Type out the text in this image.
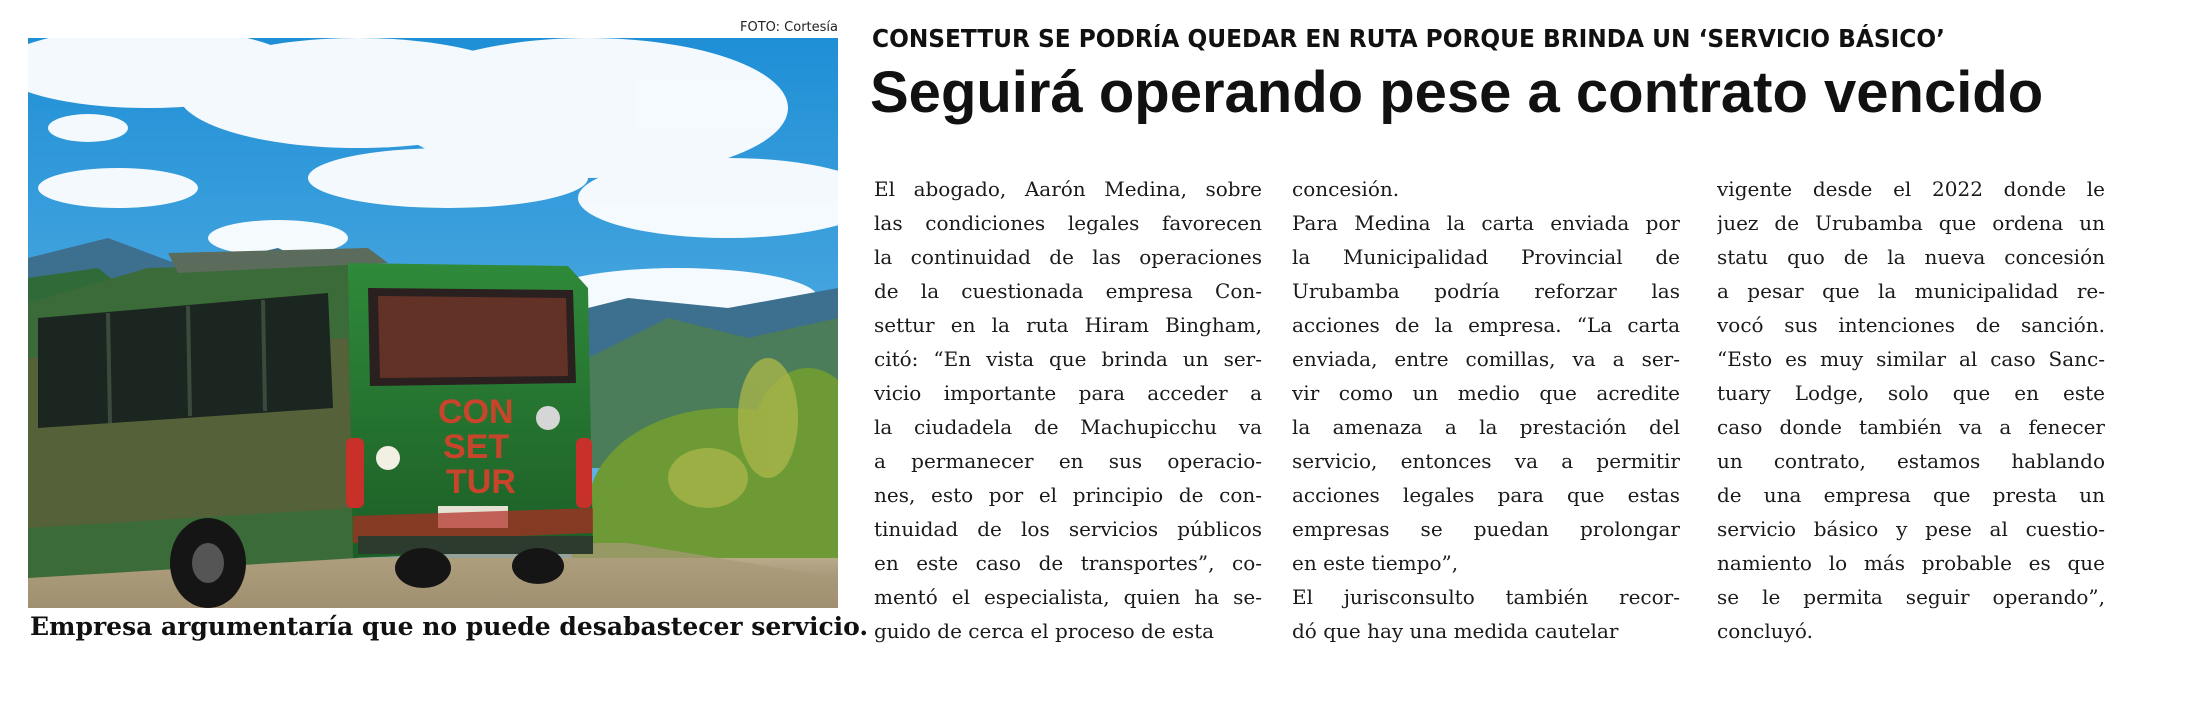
FOTO: Cortesía
CON
SET
TUR
Empresa argumentaría que no puede desabastecer servicio.
CONSETTUR SE PODRÍA QUEDAR EN RUTA PORQUE BRINDA UN ‘SERVICIO BÁSICO’
Seguirá operando pese a contrato vencido
El abogado, Aarón Medina, sobre
las condiciones legales favorecen
la continuidad de las operaciones
de la cuestionada empresa Con-
settur en la ruta Hiram Bingham,
citó: “En vista que brinda un ser-
vicio importante para acceder a
la ciudadela de Machupicchu va
a permanecer en sus operacio-
nes, esto por el principio de con-
tinuidad de los servicios públicos
en este caso de transportes”, co-
mentó el especialista, quien ha se-
guido de cerca el proceso de esta
concesión.
Para Medina la carta enviada por
la Municipalidad Provincial de
Urubamba podría reforzar las
acciones de la empresa. “La carta
enviada, entre comillas, va a ser-
vir como un medio que acredite
la amenaza a la prestación del
servicio, entonces va a permitir
acciones legales para que estas
empresas se puedan prolongar
en este tiempo”,
El jurisconsulto también recor-
dó que hay una medida cautelar
vigente desde el 2022 donde le
juez de Urubamba que ordena un
statu quo de la nueva concesión
a pesar que la municipalidad re-
vocó sus intenciones de sanción.
“Esto es muy similar al caso Sanc-
tuary Lodge, solo que en este
caso donde también va a fenecer
un contrato, estamos hablando
de una empresa que presta un
servicio básico y pese al cuestio-
namiento lo más probable es que
se le permita seguir operando”,
concluyó.
